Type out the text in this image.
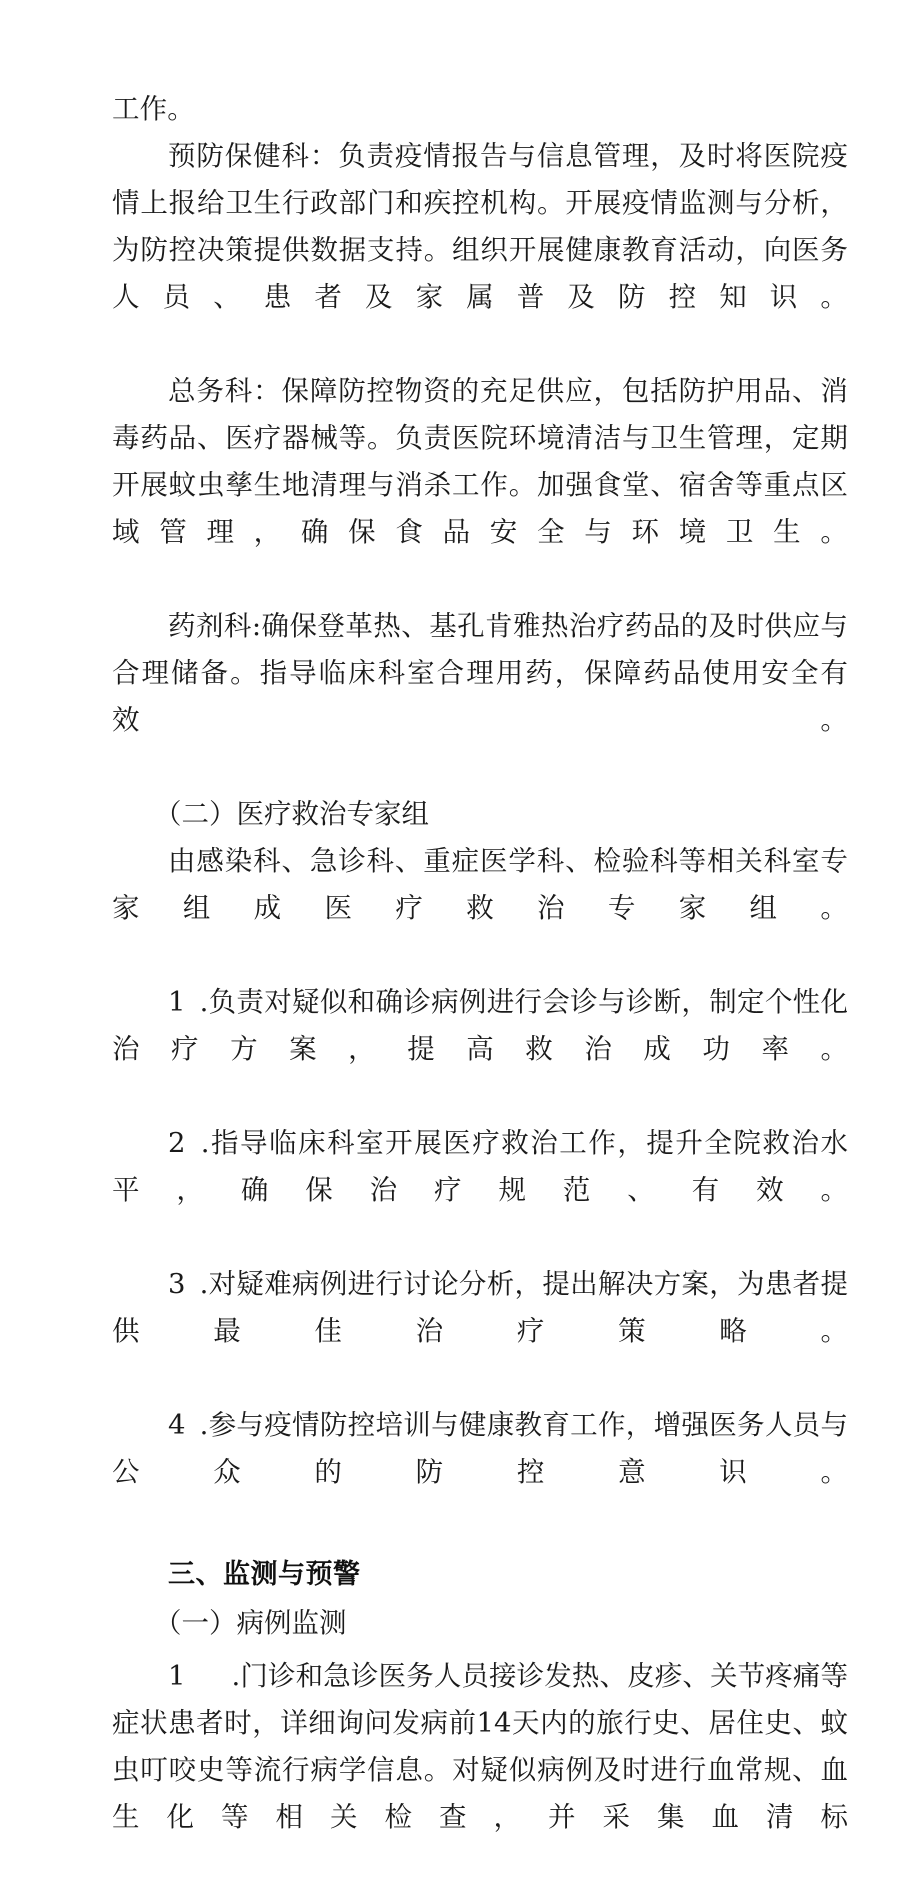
工作。

预防保健科：负责疫情报告与信息管理，及时将医院疫情上报给卫生行政部门和疾控机构。开展疫情监测与分析，为防控决策提供数据支持。组织开展健康教育活动，向医务人员、患者及家属普及防控知识。

总务科：保障防控物资的充足供应，包括防护用品、消毒药品、医疗器械等。负责医院环境清洁与卫生管理，定期开展蚊虫孳生地清理与消杀工作。加强食堂、宿舍等重点区域管理，确保食品安全与环境卫生。

药剂科:确保登革热、基孔肯雅热治疗药品的及时供应与合理储备。指导临床科室合理用药，保障药品使用安全有效。

（二）医疗救治专家组

由感染科、急诊科、重症医学科、检验科等相关科室专家组成医疗救治专家组。

1 .负责对疑似和确诊病例进行会诊与诊断，制定个性化治疗方案，提高救治成功率。

2 .指导临床科室开展医疗救治工作，提升全院救治水平，确保治疗规范、有效。

3 .对疑难病例进行讨论分析，提出解决方案，为患者提供最佳治疗策略。

4 .参与疫情防控培训与健康教育工作，增强医务人员与公众的防控意识。

三、监测与预警

（一）病例监测

1 .门诊和急诊医务人员接诊发热、皮疹、关节疼痛等症状患者时，详细询问发病前14天内的旅行史、居住史、蚊虫叮咬史等流行病学信息。对疑似病例及时进行血常规、血生化等相关检查，并采集血清标
